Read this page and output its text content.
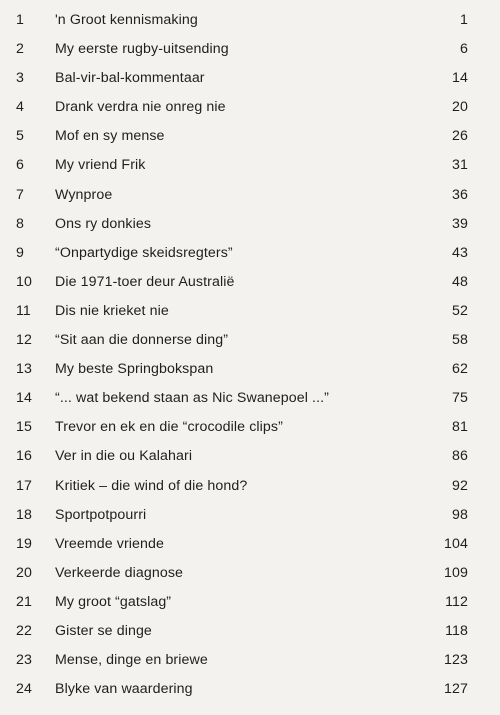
1 'n Groot kennismaking	1
2 My eerste rugby-uitsending	6
3 Bal-vir-bal-kommentaar	14
4 Drank verdra nie onreg nie	20
5 Mof en sy mense	26
6 My vriend Frik	31
7 Wynproe	36
8 Ons ry donkies	39
9 “Onpartydige skeidsregters”	43
10 Die 1971-toer deur Australië	48
11 Dis nie krieket nie	52
12 “Sit aan die donnerse ding”	58
13 My beste Springbokspan	62
14 “... wat bekend staan as Nic Swanepoel ...”	75
15 Trevor en ek en die “crocodile clips”	81
16 Ver in die ou Kalahari	86
17 Kritiek – die wind of die hond?	92
18 Sportpotpourri	98
19 Vreemde vriende	104
20 Verkeerde diagnose	109
21 My groot “gatslag”	112
22 Gister se dinge	118
23 Mense, dinge en briewe	123
24 Blyke van waardering	127
